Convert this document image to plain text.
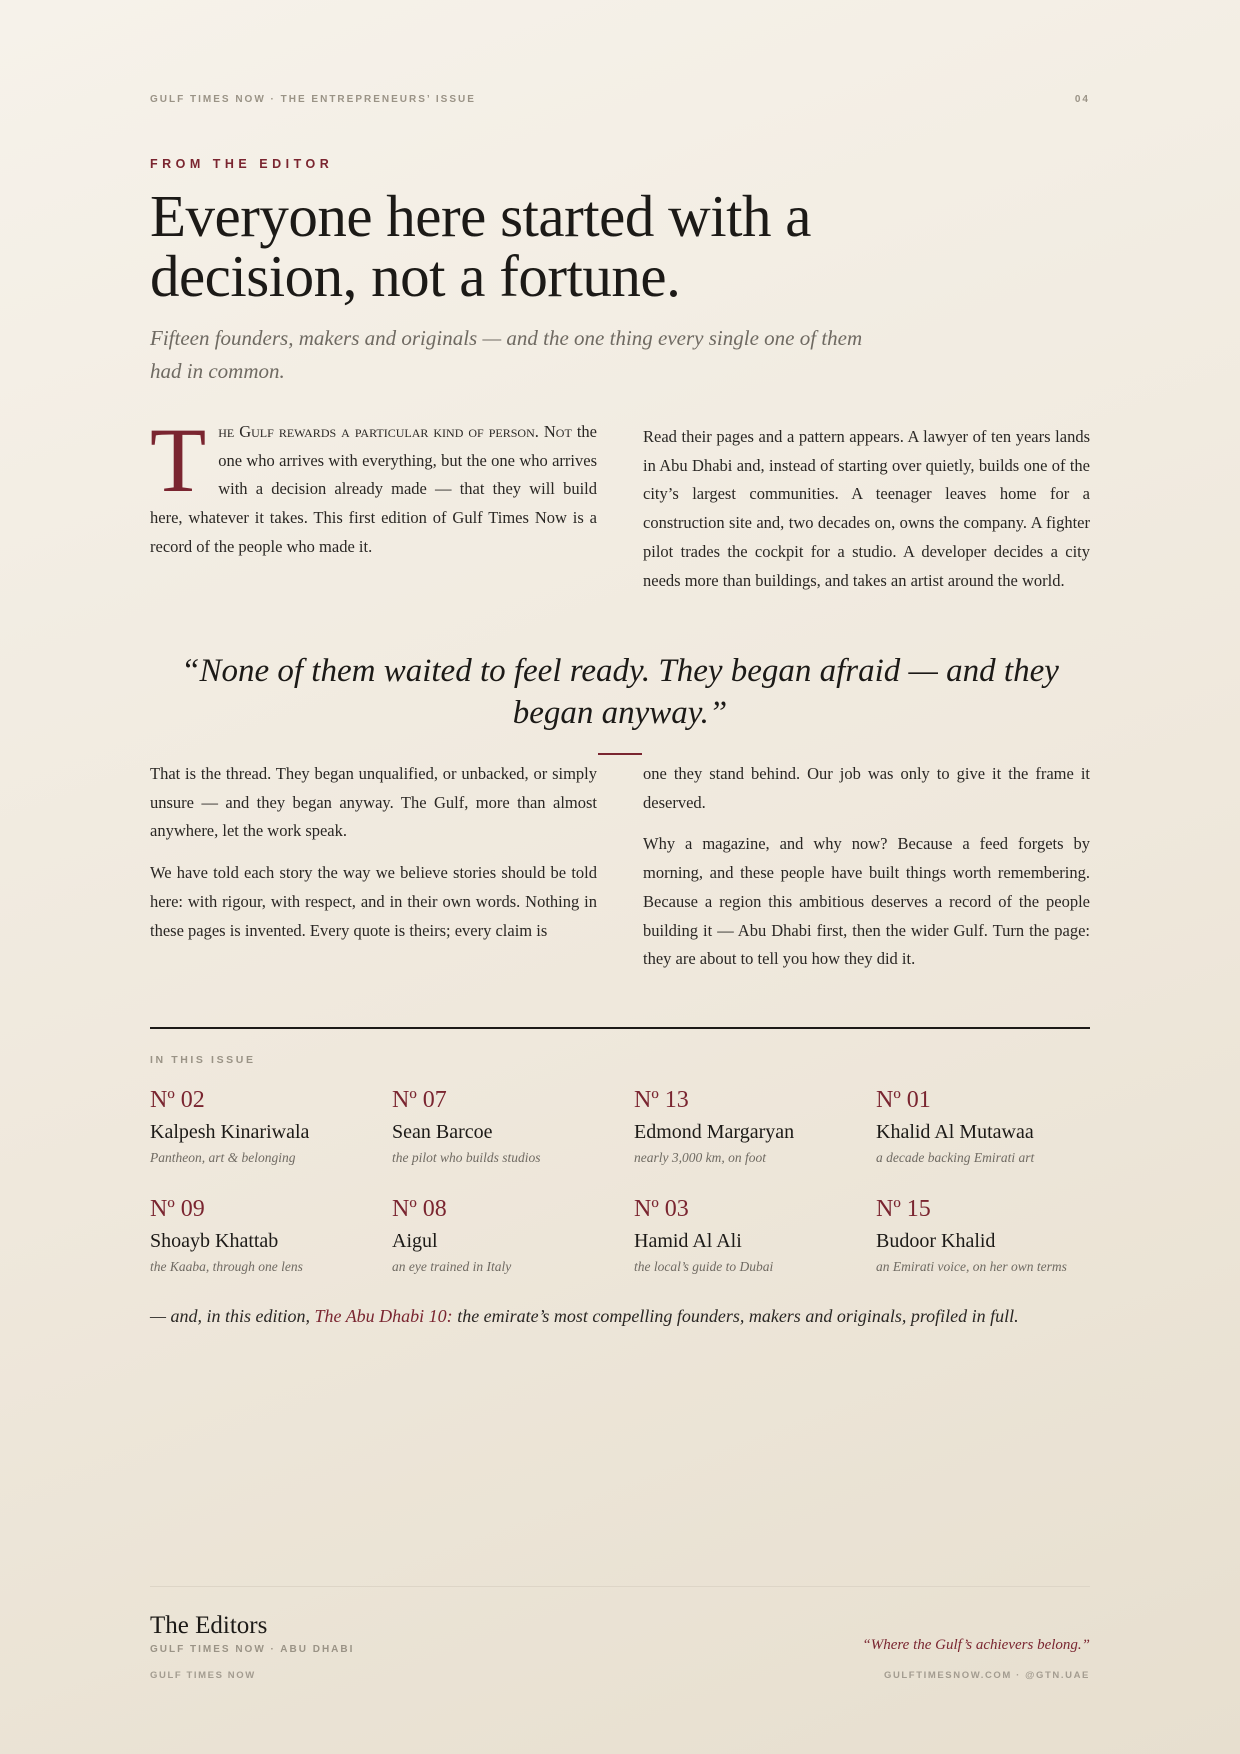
GULF TIMES NOW · THE ENTREPRENEURS’ ISSUE	04
FROM THE EDITOR
Everyone here started with a decision, not a fortune.

Fifteen founders, makers and originals — and the one thing every single one of them had in common.

The Gulf rewards a particular kind of person. Not the one who arrives with everything, but the one who arrives with a decision already made — that they will build here, whatever it takes. This first edition of Gulf Times Now is a record of the people who made it.

Read their pages and a pattern appears. A lawyer of ten years lands in Abu Dhabi and, instead of starting over quietly, builds one of the city’s largest communities. A teenager leaves home for a construction site and, two decades on, owns the company. A fighter pilot trades the cockpit for a studio. A developer decides a city needs more than buildings, and takes an artist around the world.

“None of them waited to feel ready. They began afraid — and they began anyway.”

That is the thread. They began unqualified, or unbacked, or simply unsure — and they began anyway. The Gulf, more than almost anywhere, let the work speak.

We have told each story the way we believe stories should be told here: with rigour, with respect, and in their own words. Nothing in these pages is invented. Every quote is theirs; every claim is

one they stand behind. Our job was only to give it the frame it deserved.

Why a magazine, and why now? Because a feed forgets by morning, and these people have built things worth remembering. Because a region this ambitious deserves a record of the people building it — Abu Dhabi first, then the wider Gulf. Turn the page: they are about to tell you how they did it.

IN THIS ISSUE
Nº 02
Kalpesh Kinariwala
Pantheon, art & belonging
Nº 07
Sean Barcoe
the pilot who builds studios
Nº 13
Edmond Margaryan
nearly 3,000 km, on foot
Nº 01
Khalid Al Mutawaa
a decade backing Emirati art
Nº 09
Shoayb Khattab
the Kaaba, through one lens
Nº 08
Aigul
an eye trained in Italy
Nº 03
Hamid Al Ali
the local’s guide to Dubai
Nº 15
Budoor Khalid
an Emirati voice, on her own terms
— and, in this edition, The Abu Dhabi 10: the emirate’s most compelling founders, makers and originals, profiled in full.
The Editors
GULF TIMES NOW · ABU DHABI	“Where the Gulf’s achievers belong.”
GULF TIMES NOW	GULFTIMESNOW.COM · @GTN.UAE
